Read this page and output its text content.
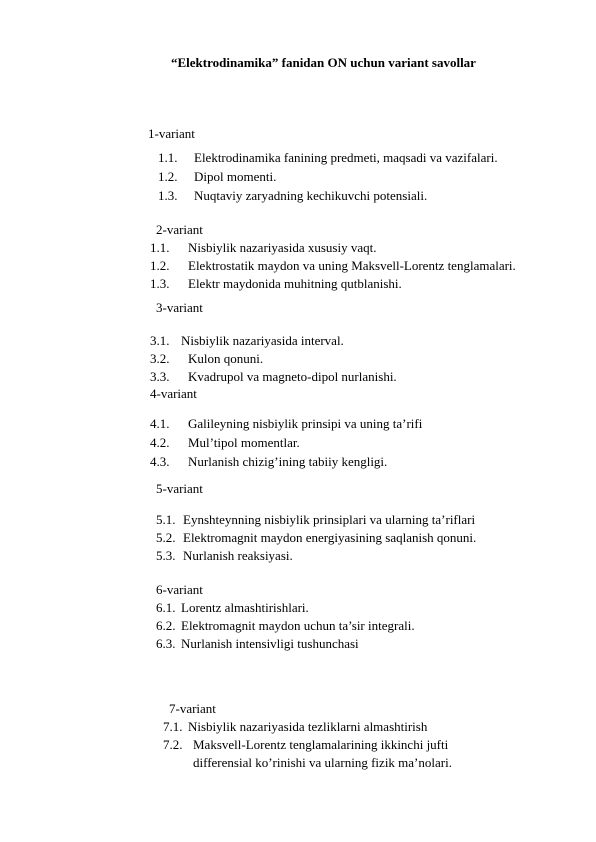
“Elektrodinamika” fanidan ON uchun variant savollar
1-variant
1.1. Elektrodinamika fanining predmeti, maqsadi va vazifalari.
1.2. Dipol momenti.
1.3. Nuqtaviy zaryadning kechikuvchi potensiali.
2-variant
1.1. Nisbiylik nazariyasida xususiy vaqt.
1.2. Elektrostatik maydon va uning Maksvell-Lorentz tenglamalari.
1.3. Elektr maydonida muhitning qutblanishi.
3-variant
3.1. Nisbiylik nazariyasida interval.
3.2. Kulon qonuni.
3.3. Kvadrupol va magneto-dipol nurlanishi.
4-variant
4.1. Galileyning nisbiylik prinsipi va uning ta’rifi
4.2. Mul’tipol momentlar.
4.3. Nurlanish chizig’ining tabiiy kengligi.
5-variant
5.1. Eynshteynning nisbiylik prinsiplari va ularning ta’riflari
5.2. Elektromagnit maydon energiyasining saqlanish qonuni.
5.3. Nurlanish reaksiyasi.
6-variant
6.1. Lorentz almashtirishlari.
6.2. Elektromagnit maydon uchun ta’sir integrali.
6.3. Nurlanish intensivligi tushunchasi
7-variant
7.1. Nisbiylik nazariyasida tezliklarni almashtirish
7.2. Maksvell-Lorentz tenglamalarining ikkinchi jufti
differensial ko’rinishi va ularning fizik ma’nolari.
